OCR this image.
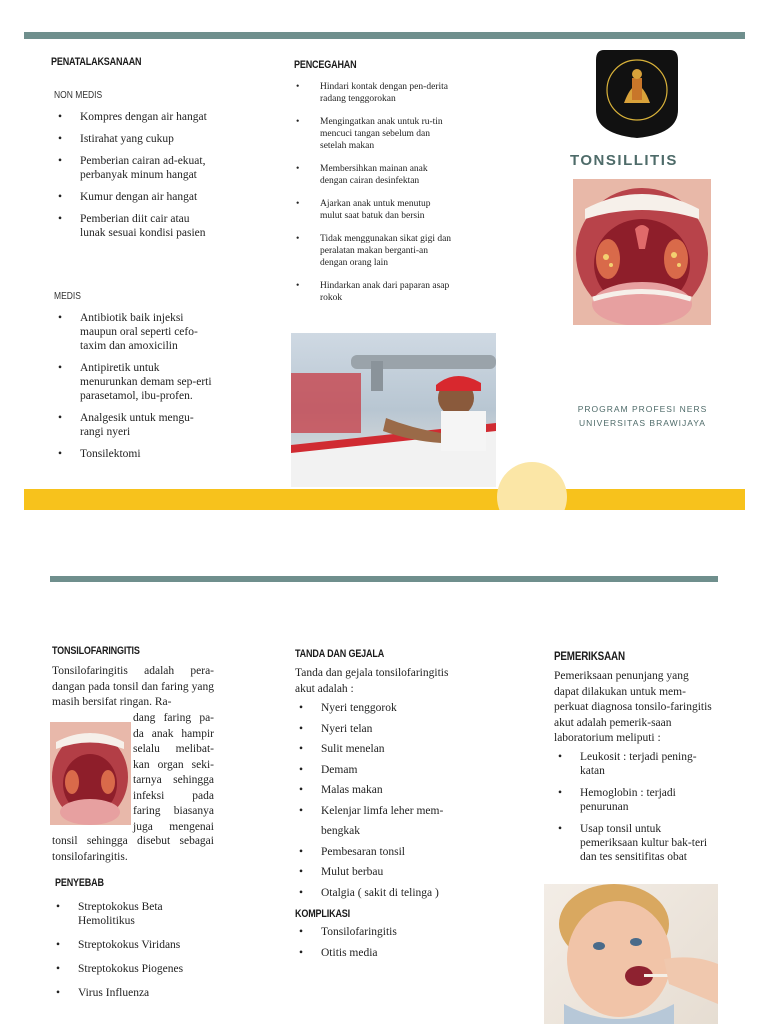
PENATALAKSANAAN
NON MEDIS
• Kompres dengan air hangat
• Istirahat yang cukup
• Pemberian cairan ad-ekuat, perbanyak minum hangat
• Kumur dengan air hangat
• Pemberian diit cair atau lunak sesuai kondisi pasien
MEDIS
• Antibiotik baik injeksi maupun oral seperti cefo-taxim dan amoxicilin
• Antipiretik untuk menurunkan demam sep-erti parasetamol, ibu-profen.
• Analgesik untuk mengu-rangi nyeri
• Tonsilektomi
PENCEGAHAN
• Hindari kontak dengan pen-derita radang tenggorokan
• Mengingatkan anak untuk ru-tin mencuci tangan sebelum dan setelah makan
• Membersihkan mainan anak dengan cairan desinfektan
• Ajarkan anak untuk menutup mulut saat batuk dan bersin
• Tidak menggunakan sikat gigi dan peralatan makan berganti-an dengan orang lain
• Hindarkan anak dari paparan asap rokok
TONSILLITIS
PROGRAM PROFESI NERS
UNIVERSITAS BRAWIJAYA
TONSILOFARINGITIS
Tonsilofaringitis adalah pera-dangan pada tonsil dan faring yang masih bersifat ringan. Ra-
dang faring pa-
da anak hampir
selalu melibat-
kan organ seki-
tarnya sehingga
infeksi pada
faring biasanya
juga mengenai
tonsil sehingga disebut sebagai tonsilofaringitis.
PENYEBAB
• Streptokokus Beta Hemolitikus
• Streptokokus Viridans
• Streptokokus Piogenes
• Virus Influenza
TANDA DAN GEJALA
Tanda dan gejala tonsilofaringitis akut adalah :
• Nyeri tenggorok
• Nyeri telan
• Sulit menelan
• Demam
• Malas makan
• Kelenjar limfa leher mem-bengkak
• Pembesaran tonsil
• Mulut berbau
• Otalgia ( sakit di telinga )
KOMPLIKASI
• Tonsilofaringitis
• Otitis media
PEMERIKSAAN
Pemeriksaan penunjang yang dapat dilakukan untuk mem-perkuat diagnosa tonsilo-faringitis akut adalah pemerik-saan laboratorium meliputi :
• Leukosit : terjadi pening-katan
• Hemoglobin : terjadi penurunan
• Usap tonsil untuk pemeriksaan kultur bak-teri dan tes sensitifitas obat
